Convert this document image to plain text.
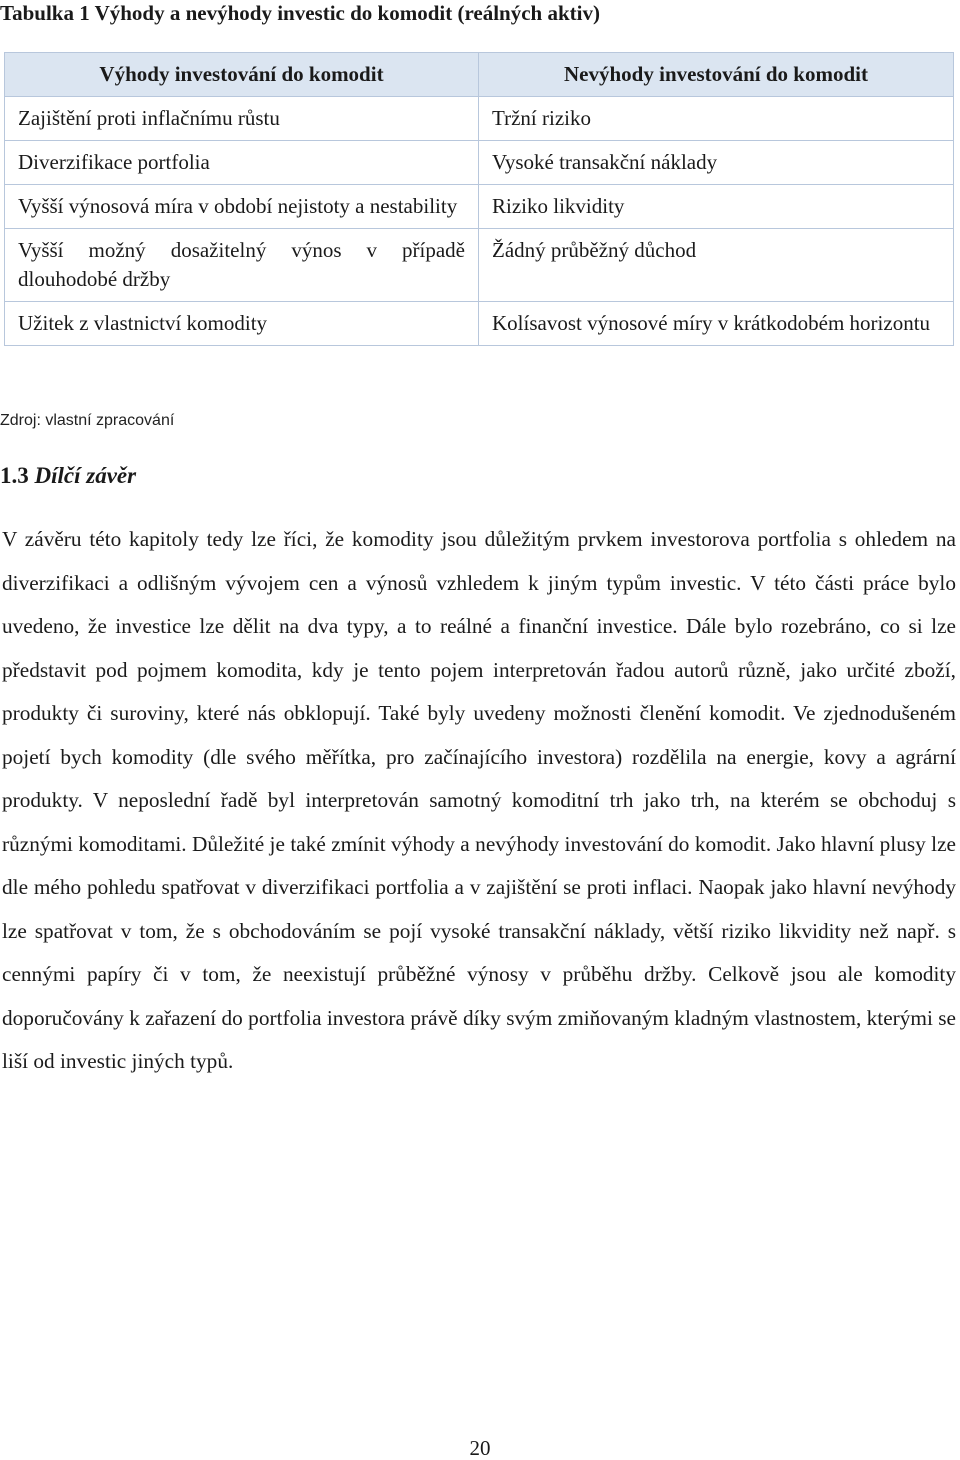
Tabulka 1 Výhody a nevýhody investic do komodit (reálných aktiv)
Výhody investování do komodit	Nevýhody investování do komodit
Zajištění proti inflačnímu růstu	Tržní riziko
Diverzifikace portfolia	Vysoké transakční náklady
Vyšší výnosová míra v období nejistoty a nestability	Riziko likvidity
Vyšší možný dosažitelný výnos v případě dlouhodobé držby	Žádný průběžný důchod
Užitek z vlastnictví komodity	Kolísavost výnosové míry v krátkodobém horizontu
Zdroj: vlastní zpracování
1.3 Dílčí závěr

V závěru této kapitoly tedy lze říci, že komodity jsou důležitým prvkem investorova portfolia s ohledem na diverzifikaci a odlišným vývojem cen a výnosů vzhledem k jiným typům investic. V této části práce bylo uvedeno, že investice lze dělit na dva typy, a to reálné a finanční investice. Dále bylo rozebráno, co si lze představit pod pojmem komodita, kdy je tento pojem interpretován řadou autorů různě, jako určité zboží, produkty či suroviny, které nás obklopují. Také byly uvedeny možnosti členění komodit. Ve zjednodušeném pojetí bych komodity (dle svého měřítka, pro začínajícího investora) rozdělila na energie, kovy a agrární produkty. V neposlední řadě byl interpretován samotný komoditní trh jako trh, na kterém se obchoduj s různými komoditami. Důležité je také zmínit výhody a nevýhody investování do komodit. Jako hlavní plusy lze dle mého pohledu spatřovat v diverzifikaci portfolia a v zajištění se proti inflaci. Naopak jako hlavní nevýhody lze spatřovat v tom, že s obchodováním se pojí vysoké transakční náklady, větší riziko likvidity než např. s cennými papíry či v tom, že neexistují průběžné výnosy v průběhu držby. Celkově jsou ale komodity doporučovány k zařazení do portfolia investora právě díky svým zmiňovaným kladným vlastnostem, kterými se liší od investic jiných typů.

20
